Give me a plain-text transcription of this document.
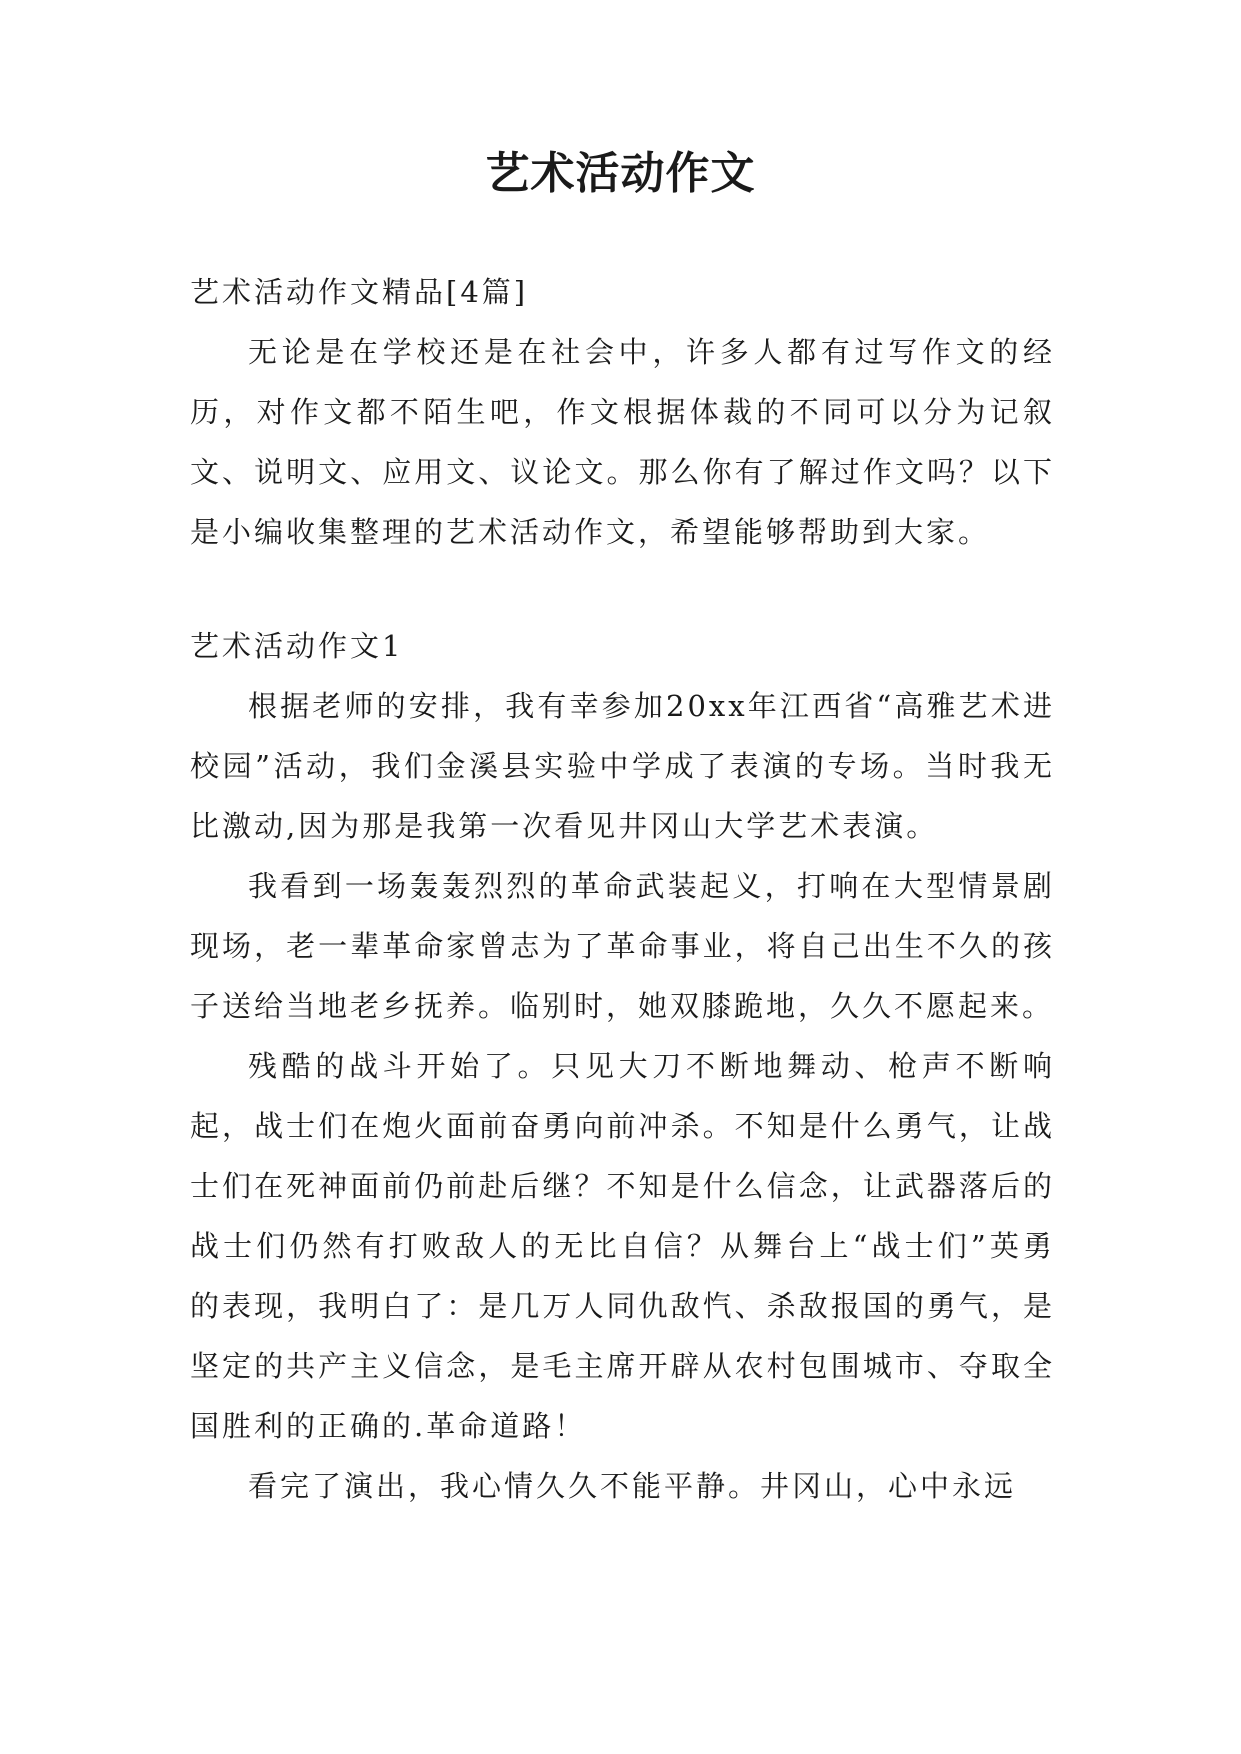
艺术活动作文

艺术活动作文精品[4篇]

无论是在学校还是在社会中，许多人都有过写作文的经历，对作文都不陌生吧，作文根据体裁的不同可以分为记叙文、说明文、应用文、议论文。那么你有了解过作文吗？以下是小编收集整理的艺术活动作文，希望能够帮助到大家。

艺术活动作文1

根据老师的安排，我有幸参加20xx年江西省“高雅艺术进校园”活动，我们金溪县实验中学成了表演的专场。当时我无比激动,因为那是我第一次看见井冈山大学艺术表演。

我看到一场轰轰烈烈的革命武装起义，打响在大型情景剧现场，老一辈革命家曾志为了革命事业，将自己出生不久的孩子送给当地老乡抚养。临别时，她双膝跪地，久久不愿起来。

残酷的战斗开始了。只见大刀不断地舞动、枪声不断响起，战士们在炮火面前奋勇向前冲杀。不知是什么勇气，让战士们在死神面前仍前赴后继？不知是什么信念，让武器落后的战士们仍然有打败敌人的无比自信？从舞台上“战士们”英勇的表现，我明白了：是几万人同仇敌忾、杀敌报国的勇气，是坚定的共产主义信念，是毛主席开辟从农村包围城市、夺取全国胜利的正确的.革命道路！

看完了演出，我心情久久不能平静。井冈山，心中永远
